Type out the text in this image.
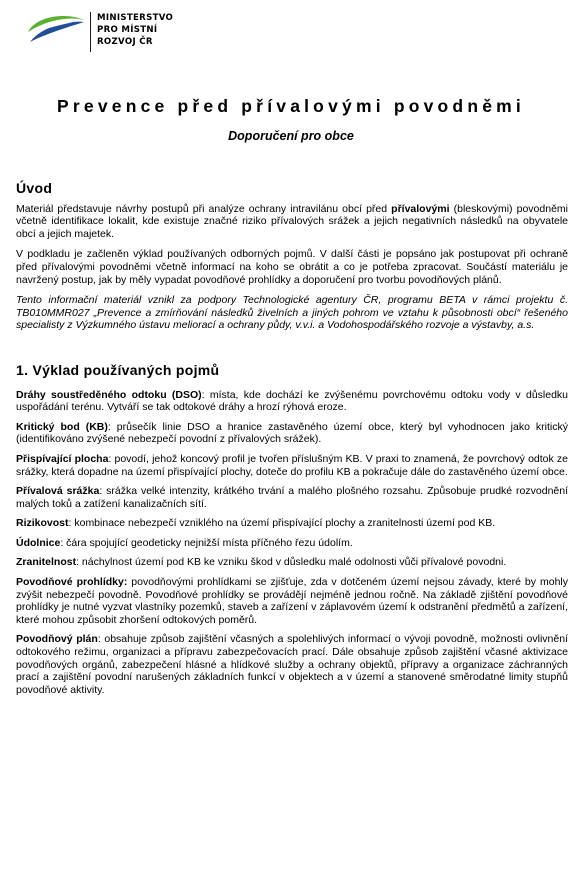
MINISTERSTVO
PRO MÍSTNÍ
ROZVOJ ČR
Prevence před přívalovými povodněmi
Doporučení pro obce
Úvod

Materiál představuje návrhy postupů při analýze ochrany intravilánu obcí před přívalovými (bleskovými) povodněmi včetně identifikace lokalit, kde existuje značné riziko přívalových srážek a jejich negativních následků na obyvatele obcí a jejich majetek.

V podkladu je začleněn výklad používaných odborných pojmů. V další části je popsáno jak postupovat při ochraně před přívalovými povodněmi včetně informací na koho se obrátit a co je potřeba zpracovat. Součástí materiálu je navržený postup, jak by měly vypadat povodňové prohlídky a doporučení pro tvorbu povodňových plánů.

Tento informační materiál vznikl za podpory Technologické agentury ČR, programu BETA v rámci projektu č. TB010MMR027 „Prevence a zmírňování následků živelních a jiných pohrom ve vztahu k působnosti obcí“ řešeného specialisty z Výzkumného ústavu meliorací a ochrany půdy, v.v.i. a Vodohospodářského rozvoje a výstavby, a.s.

1. Výklad používaných pojmů

Dráhy soustředěného odtoku (DSO): místa, kde dochází ke zvýšenému povrchovému odtoku vody v důsledku uspořádání terénu. Vytváří se tak odtokové dráhy a hrozí rýhová eroze.

Kritický bod (KB): průsečík linie DSO a hranice zastavěného území obce, který byl vyhodnocen jako kritický (identifikováno zvýšené nebezpečí povodní z přívalových srážek).

Přispívající plocha: povodí, jehož koncový profil je tvořen příslušným KB. V praxi to znamená, že povrchový odtok ze srážky, která dopadne na území přispívající plochy, doteče do profilu KB a pokračuje dále do zastavěného území obce.

Přívalová srážka: srážka velké intenzity, krátkého trvání a malého plošného rozsahu. Způsobuje prudké rozvodnění malých toků a zatížení kanalizačních sítí.

Rizikovost: kombinace nebezpečí vzniklého na území přispívající plochy a zranitelnosti území pod KB.

Údolnice: čára spojující geodeticky nejnižší místa příčného řezu údolím.

Zranitelnost: náchylnost území pod KB ke vzniku škod v důsledku malé odolnosti vůči přívalové povodni.

Povodňové prohlídky: povodňovými prohlídkami se zjišťuje, zda v dotčeném území nejsou závady, které by mohly zvýšit nebezpečí povodně. Povodňové prohlídky se provádějí nejméně jednou ročně. Na základě zjištění povodňové prohlídky je nutné vyzvat vlastníky pozemků, staveb a zařízení v záplavovém území k odstranění předmětů a zařízení, které mohou způsobit zhoršení odtokových poměrů.

Povodňový plán: obsahuje způsob zajištění včasných a spolehlivých informací o vývoji povodně, možnosti ovlivnění odtokového režimu, organizaci a přípravu zabezpečovacích prací. Dále obsahuje způsob zajištění včasné aktivizace povodňových orgánů, zabezpečení hlásné a hlídkové služby a ochrany objektů, přípravy a organizace záchranných prací a zajištění povodní narušených základních funkcí v objektech a v území a stanovené směrodatné limity stupňů povodňové aktivity.
